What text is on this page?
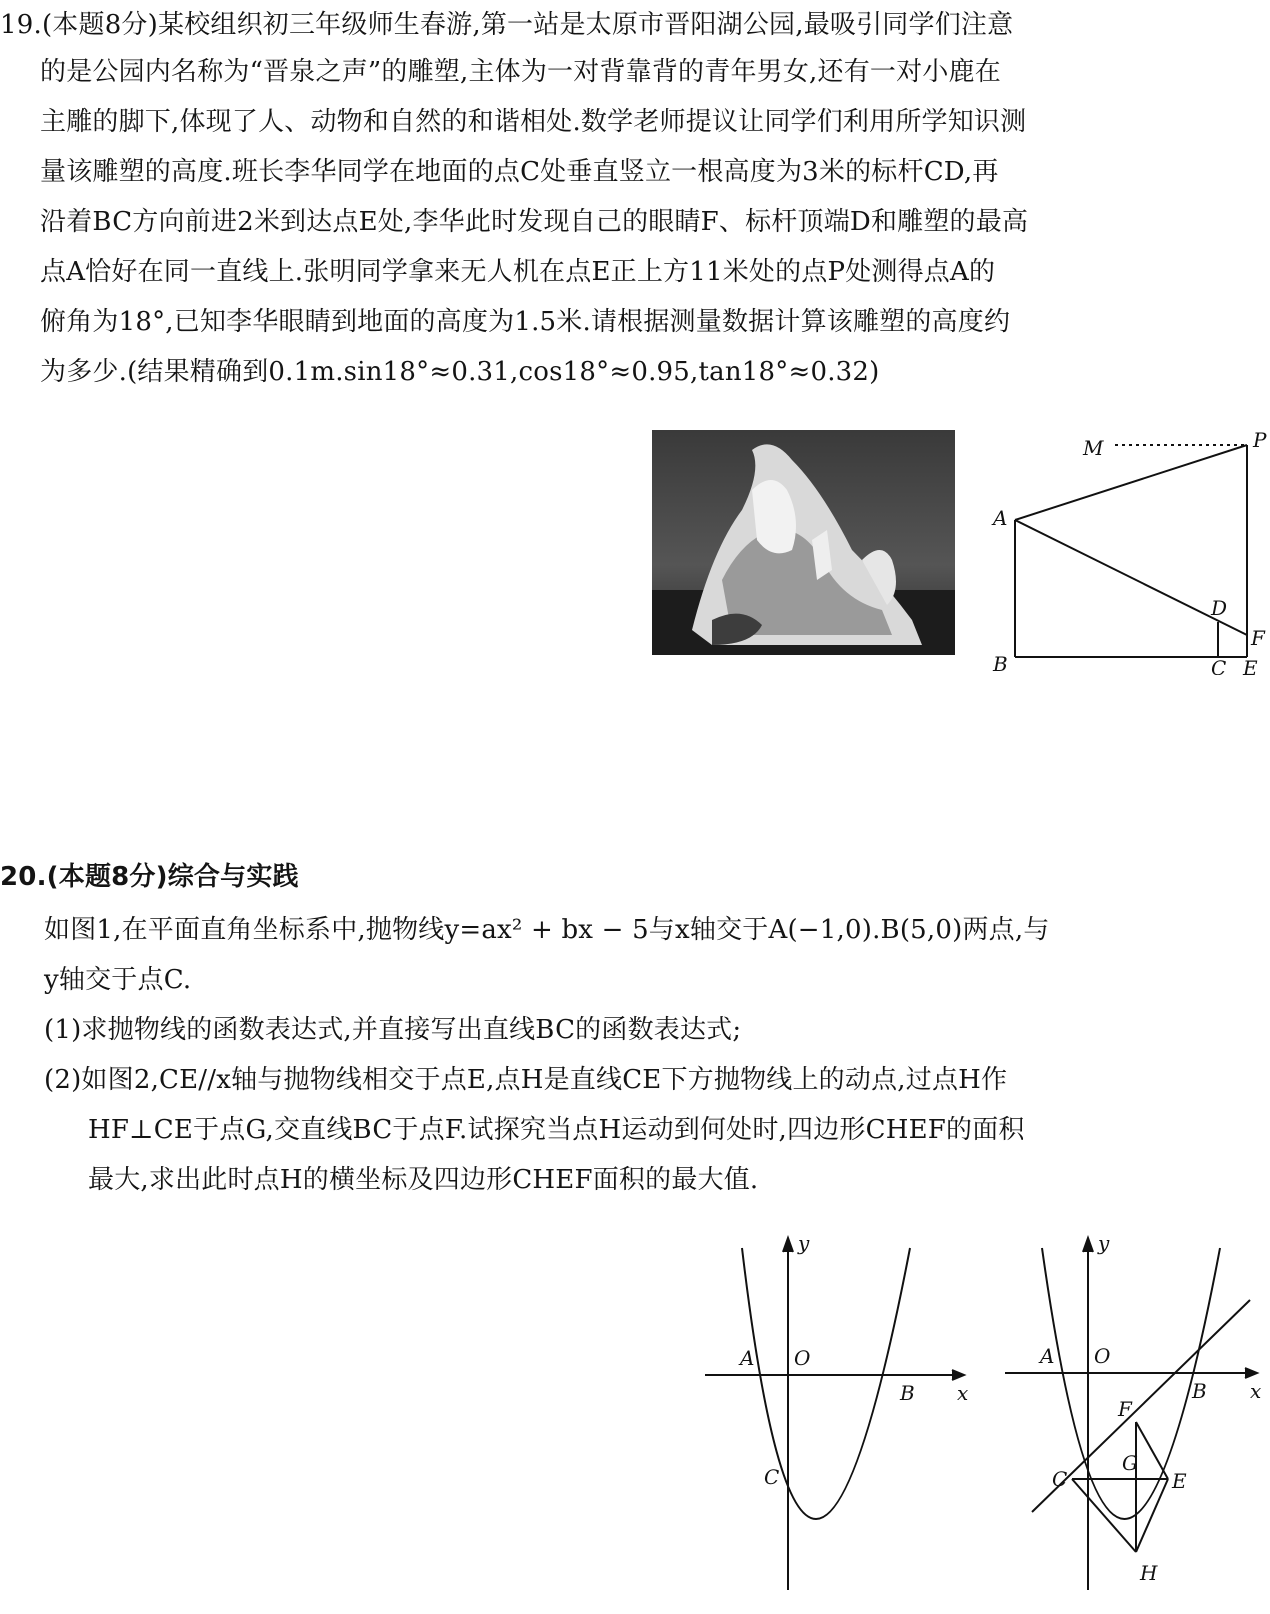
19.(本题8分)某校组织初三年级师生春游,第一站是太原市晋阳湖公园,最吸引同学们注意
的是公园内名称为“晋泉之声”的雕塑,主体为一对背靠背的青年男女,还有一对小鹿在
主雕的脚下,体现了人、动物和自然的和谐相处.数学老师提议让同学们利用所学知识测
量该雕塑的高度.班长李华同学在地面的点C处垂直竖立一根高度为3米的标杆CD,再
沿着BC方向前进2米到达点E处,李华此时发现自己的眼睛F、标杆顶端D和雕塑的最高
点A恰好在同一直线上.张明同学拿来无人机在点E正上方11米处的点P处测得点A的
俯角为18°,已知李华眼睛到地面的高度为1.5米.请根据测量数据计算该雕塑的高度约
为多少.(结果精确到0.1m.sin18°≈0.31,cos18°≈0.95,tan18°≈0.32)
M	P
A
D
F
B	C E
20.(本题8分)综合与实践
如图1,在平面直角坐标系中,抛物线y=ax² + bx − 5与x轴交于A(−1,0).B(5,0)两点,与
y轴交于点C.
(1)求抛物线的函数表达式,并直接写出直线BC的函数表达式;
(2)如图2,CE//x轴与抛物线相交于点E,点H是直线CE下方抛物线上的动点,过点H作
HF⊥CE于点G,交直线BC于点F.试探究当点H运动到何处时,四边形CHEF的面积
最大,求出此时点H的横坐标及四边形CHEF面积的最大值.
y
x
A O
B
C
y
x
A O
B
C
F
G
E
H
